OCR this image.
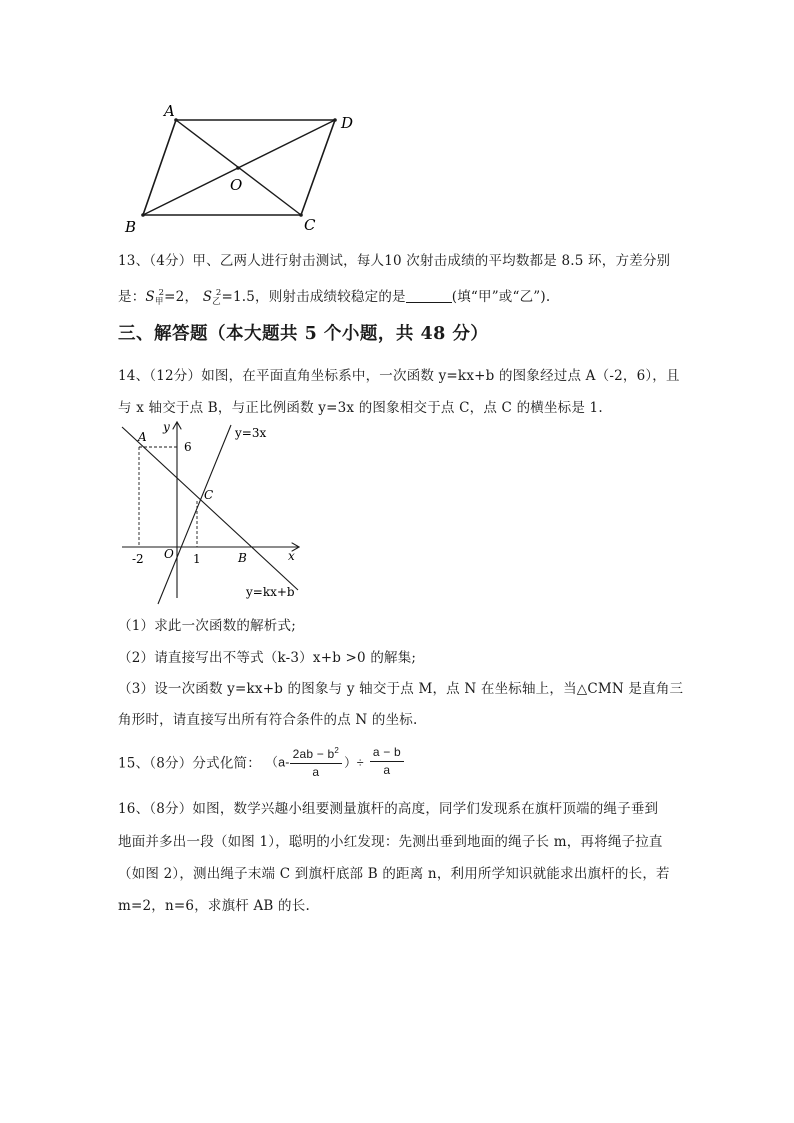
A
D
O
B	C
13、（4分）甲、乙两人进行射击测试，每人10 次射击成绩的平均数都是 8.5 环，方差分别
是：$S_甲^2=2$， $S_乙^2=1.5$，则射击成绩较稳定的是	(填“甲”或“乙”).
三、解答题（本大题共 5 个小题，共 48 分）
14、（12分）如图，在平面直角坐标系中，一次函数 y=kx+b 的图象经过点 A（-2，6），且
与 x 轴交于点 B，与正比例函数 y=3x 的图象相交于点 C，点 C 的横坐标是 1.
A
6
y	y=3x
C
O
-2	1	B	x
y=kx+b
（1）求此一次函数的解析式;
（2）请直接写出不等式（k-3）x+b >0 的解集;
（3）设一次函数 y=kx+b 的图象与 y 轴交于点 M，点 N 在坐标轴上，当△CMN 是直角三
角形时，请直接写出所有符合条件的点 N 的坐标.
15、（8分）分式化简： （$a- \frac{2ab - b^2}{a}$ ）÷ $\frac{a - b}{a}$
16、（8分）如图，数学兴趣小组要测量旗杆的高度，同学们发现系在旗杆顶端的绳子垂到
地面并多出一段（如图 1），聪明的小红发现：先测出垂到地面的绳子长 m，再将绳子拉直
（如图 2），测出绳子末端 C 到旗杆底部 B 的距离 n，利用所学知识就能求出旗杆的长，若
m=2，n=6，求旗杆 AB 的长.
